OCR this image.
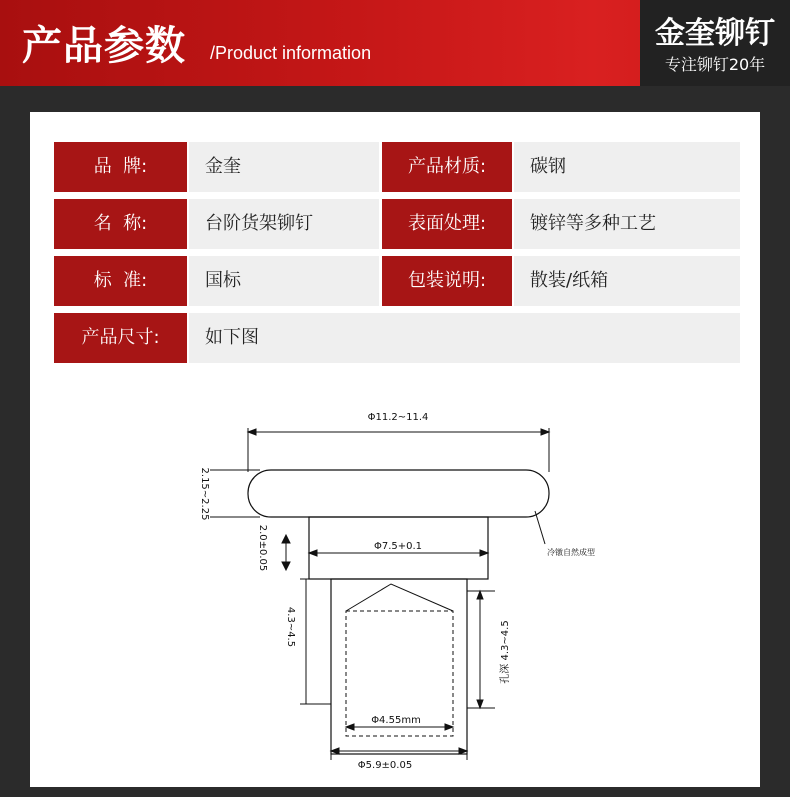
产品参数 /Product information
金奎铆钉
专注铆钉20年
品  牌:	金奎	产品材质:	碳钢
名  称:	台阶货架铆钉	表面处理:	镀锌等多种工艺
标  准:	国标	包装说明:	散装/纸箱
产品尺寸:	如下图
Φ11.2~11.4
2.15~2.25
Φ7.5+0.1
2.0±0.05
4.3~4.5	孔深 4.3~4.5
Φ4.55mm
Φ5.9±0.05
冷镦自然成型
